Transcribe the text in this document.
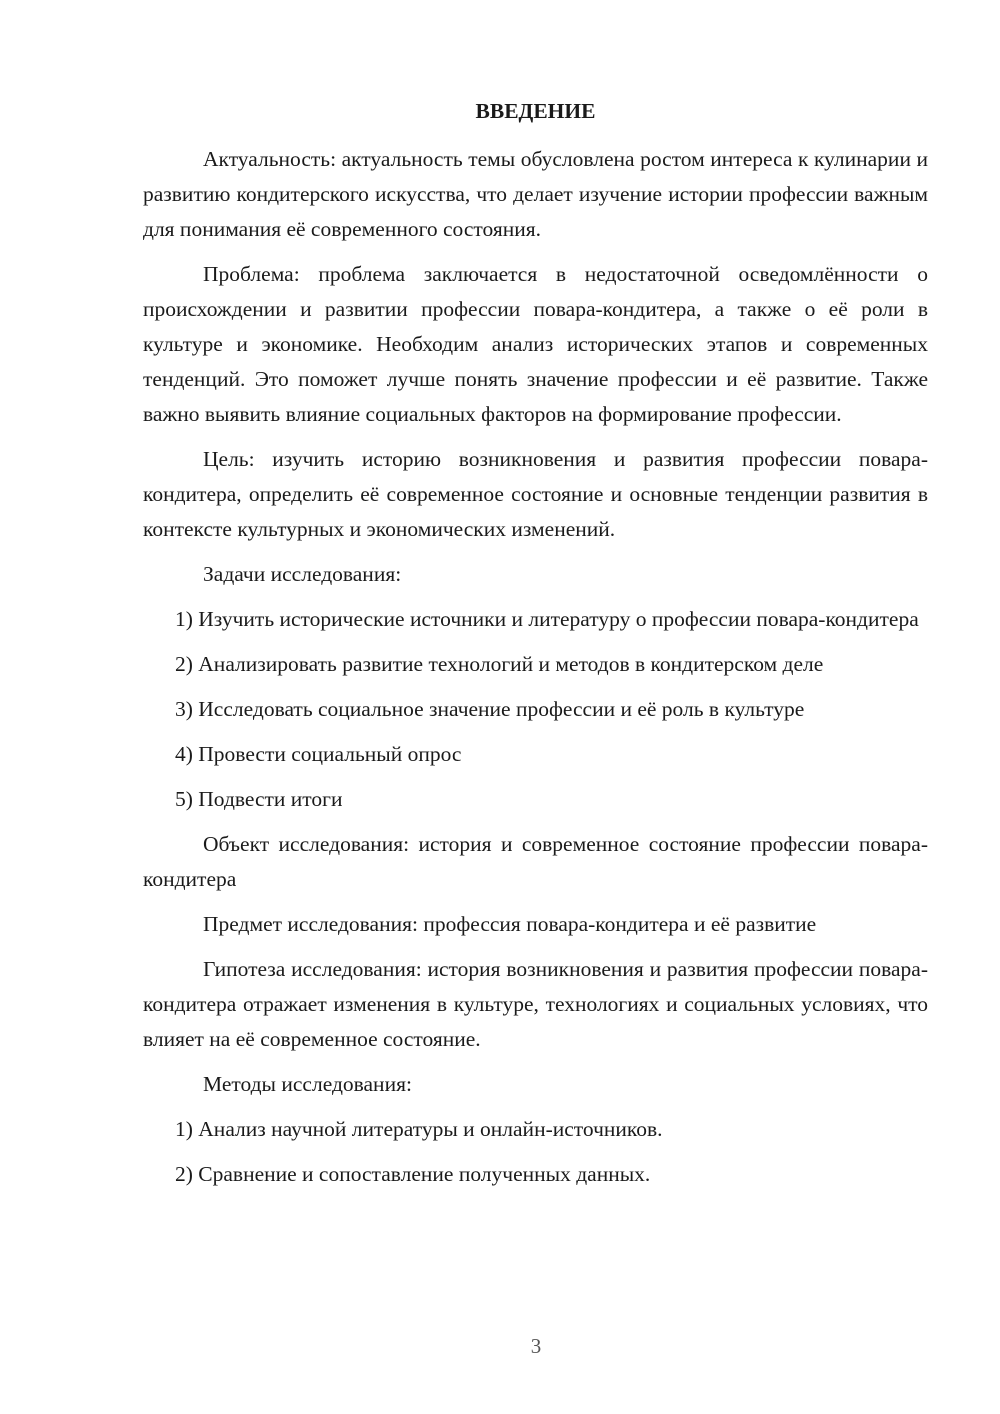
ВВЕДЕНИЕ

Актуальность: актуальность темы обусловлена ростом интереса к кулинарии и развитию кондитерского искусства, что делает изучение истории профессии важным для понимания её современного состояния.

Проблема: проблема заключается в недостаточной осведомлённости о происхождении и развитии профессии повара-кондитера, а также о её роли в культуре и экономике. Необходим анализ исторических этапов и современных тенденций. Это поможет лучше понять значение профессии и её развитие. Также важно выявить влияние социальных факторов на формирование профессии.

Цель: изучить историю возникновения и развития профессии повара-кондитера, определить её современное состояние и основные тенденции развития в контексте культурных и экономических изменений.

Задачи исследования:

1) Изучить исторические источники и литературу о профессии повара-кондитера

2) Анализировать развитие технологий и методов в кондитерском деле

3) Исследовать социальное значение профессии и её роль в культуре

4) Провести социальный опрос

5) Подвести итоги

Объект исследования: история и современное состояние профессии повара-кондитера

Предмет исследования: профессия повара-кондитера и её развитие

Гипотеза исследования: история возникновения и развития профессии повара-кондитера отражает изменения в культуре, технологиях и социальных условиях, что влияет на её современное состояние.

Методы исследования:

1) Анализ научной литературы и онлайн-источников.

2) Сравнение и сопоставление полученных данных.

3
